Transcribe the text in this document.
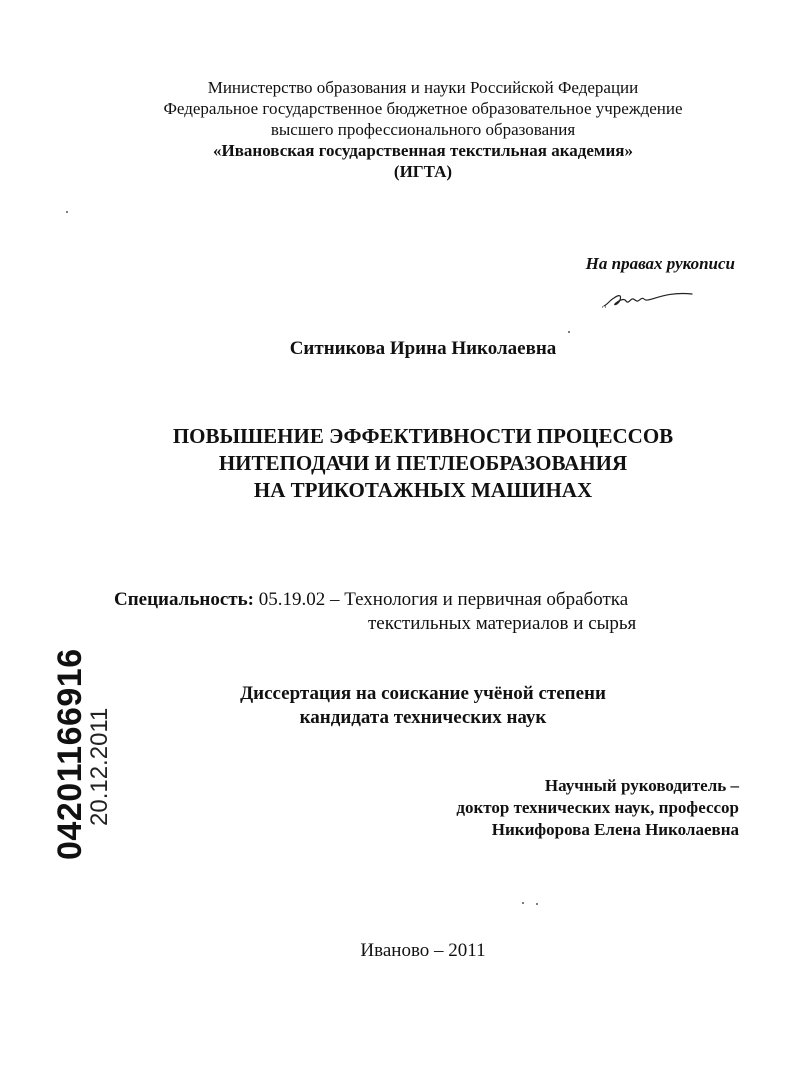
Министерство образования и науки Российской Федерации
Федеральное государственное бюджетное образовательное учреждение
высшего профессионального образования
«Ивановская государственная текстильная академия»
(ИГТА)
На правах рукописи
Ситникова Ирина Николаевна
ПОВЫШЕНИЕ ЭФФЕКТИВНОСТИ ПРОЦЕССОВ
НИТЕПОДАЧИ И ПЕТЛЕОБРАЗОВАНИЯ
НА ТРИКОТАЖНЫХ МАШИНАХ
Специальность: 05.19.02 – Технология и первичная обработка
текстильных материалов и сырья
Диссертация на соискание учёной степени
кандидата технических наук
Научный руководитель –
доктор технических наук, профессор
Никифорова Елена Николаевна
Иваново – 2011
04201166916
20.12.2011
